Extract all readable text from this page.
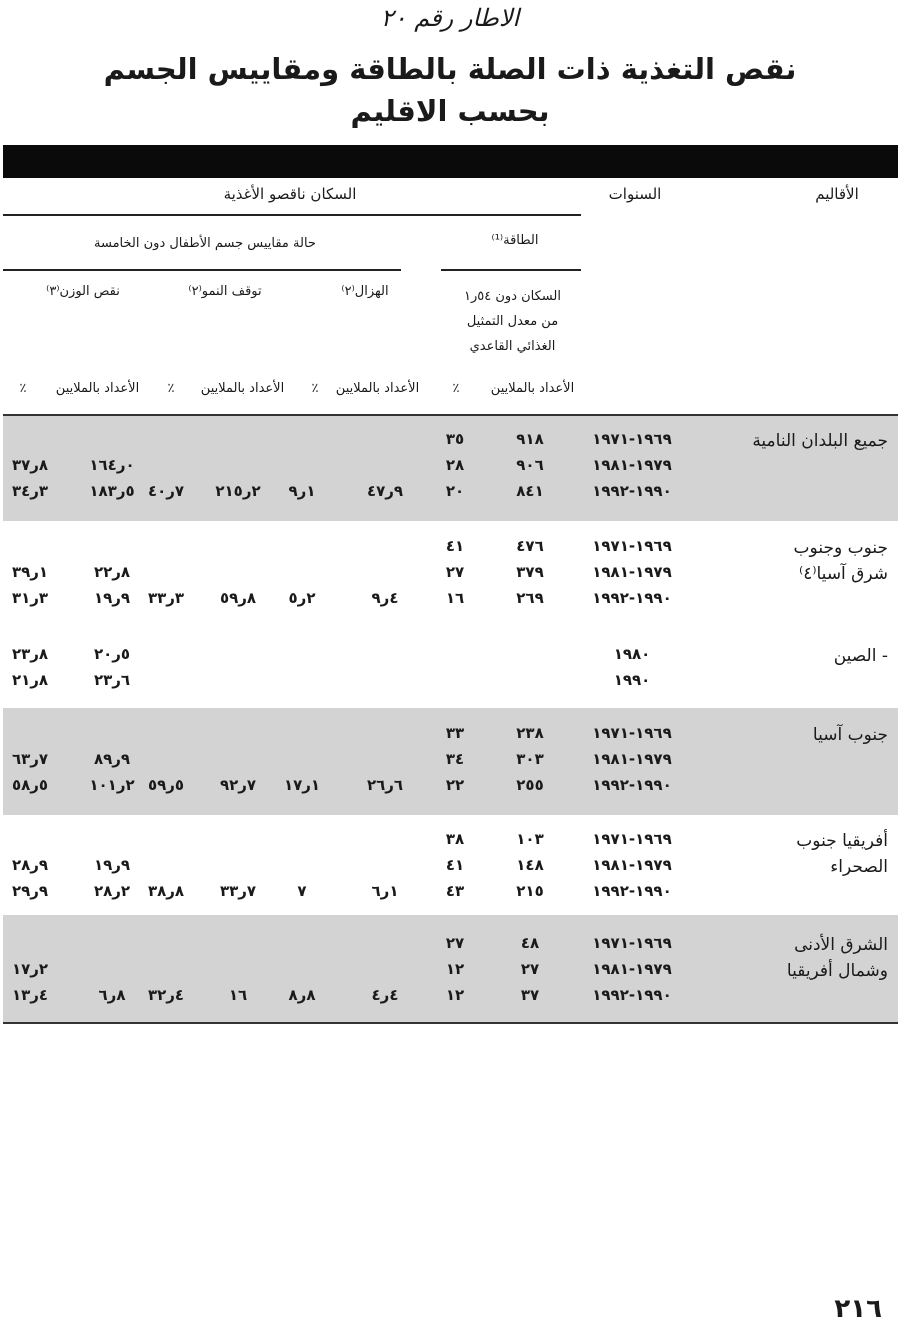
الاطار رقم ٢٠
نقص التغذية ذات الصلة بالطاقة ومقاييس الجسم
بحسب الاقليم
الأقاليم
السنوات
السكان ناقصو الأغذية
الطاقة⁽¹⁾
حالة مقاييس جسم الأطفال دون الخامسة
السكان دون ٥٤ر١
من معدل التمثيل
الغذائي القاعدي
الهزال⁽٢⁾
توقف النمو⁽٢⁾
نقص الوزن⁽٣⁾
الأعداد بالملايين
٪
الأعداد بالملايين
٪
الأعداد بالملايين
٪
الأعداد بالملايين
٪
جميع البلدان النامية
١٩٦٩-١٩٧١
٩١٨
٣٥
١٩٧٩-١٩٨١
٩٠٦
٢٨
٠ر١٦٤
٨ر٣٧
١٩٩٠-١٩٩٢
٨٤١
٢٠
٩ر٤٧
١ر٩
٢ر٢١٥
٧ر٤٠
٥ر١٨٣
٣ر٣٤
جنوب وجنوب
شرق آسيا⁽٤⁾
١٩٦٩-١٩٧١
٤٧٦
٤١
١٩٧٩-١٩٨١
٣٧٩
٢٧
٨ر٢٢
١ر٣٩
١٩٩٠-١٩٩٢
٢٦٩
١٦
٤ر٩
٢ر٥
٨ر٥٩
٣ر٣٣
٩ر١٩
٣ر٣١
- الصين
١٩٨٠
٥ر٢٠
٨ر٢٣
١٩٩٠
٦ر٢٣
٨ر٢١
جنوب آسيا
١٩٦٩-١٩٧١
٢٣٨
٣٣
١٩٧٩-١٩٨١
٣٠٣
٣٤
٩ر٨٩
٧ر٦٣
١٩٩٠-١٩٩٢
٢٥٥
٢٢
٦ر٢٦
١ر١٧
٧ر٩٢
٥ر٥٩
٢ر١٠١
٥ر٥٨
أفريقيا جنوب
الصحراء
١٩٦٩-١٩٧١
١٠٣
٣٨
١٩٧٩-١٩٨١
١٤٨
٤١
٩ر١٩
٩ر٢٨
١٩٩٠-١٩٩٢
٢١٥
٤٣
١ر٦
٧
٧ر٣٣
٨ر٣٨
٢ر٢٨
٩ر٢٩
الشرق الأدنى
وشمال أفريقيا
١٩٦٩-١٩٧١
٤٨
٢٧
١٩٧٩-١٩٨١
٢٧
١٢
٢ر١٧
١٩٩٠-١٩٩٢
٣٧
١٢
٤ر٤
٨ر٨
١٦
٤ر٣٢
٨ر٦
٤ر١٣
٢١٦
